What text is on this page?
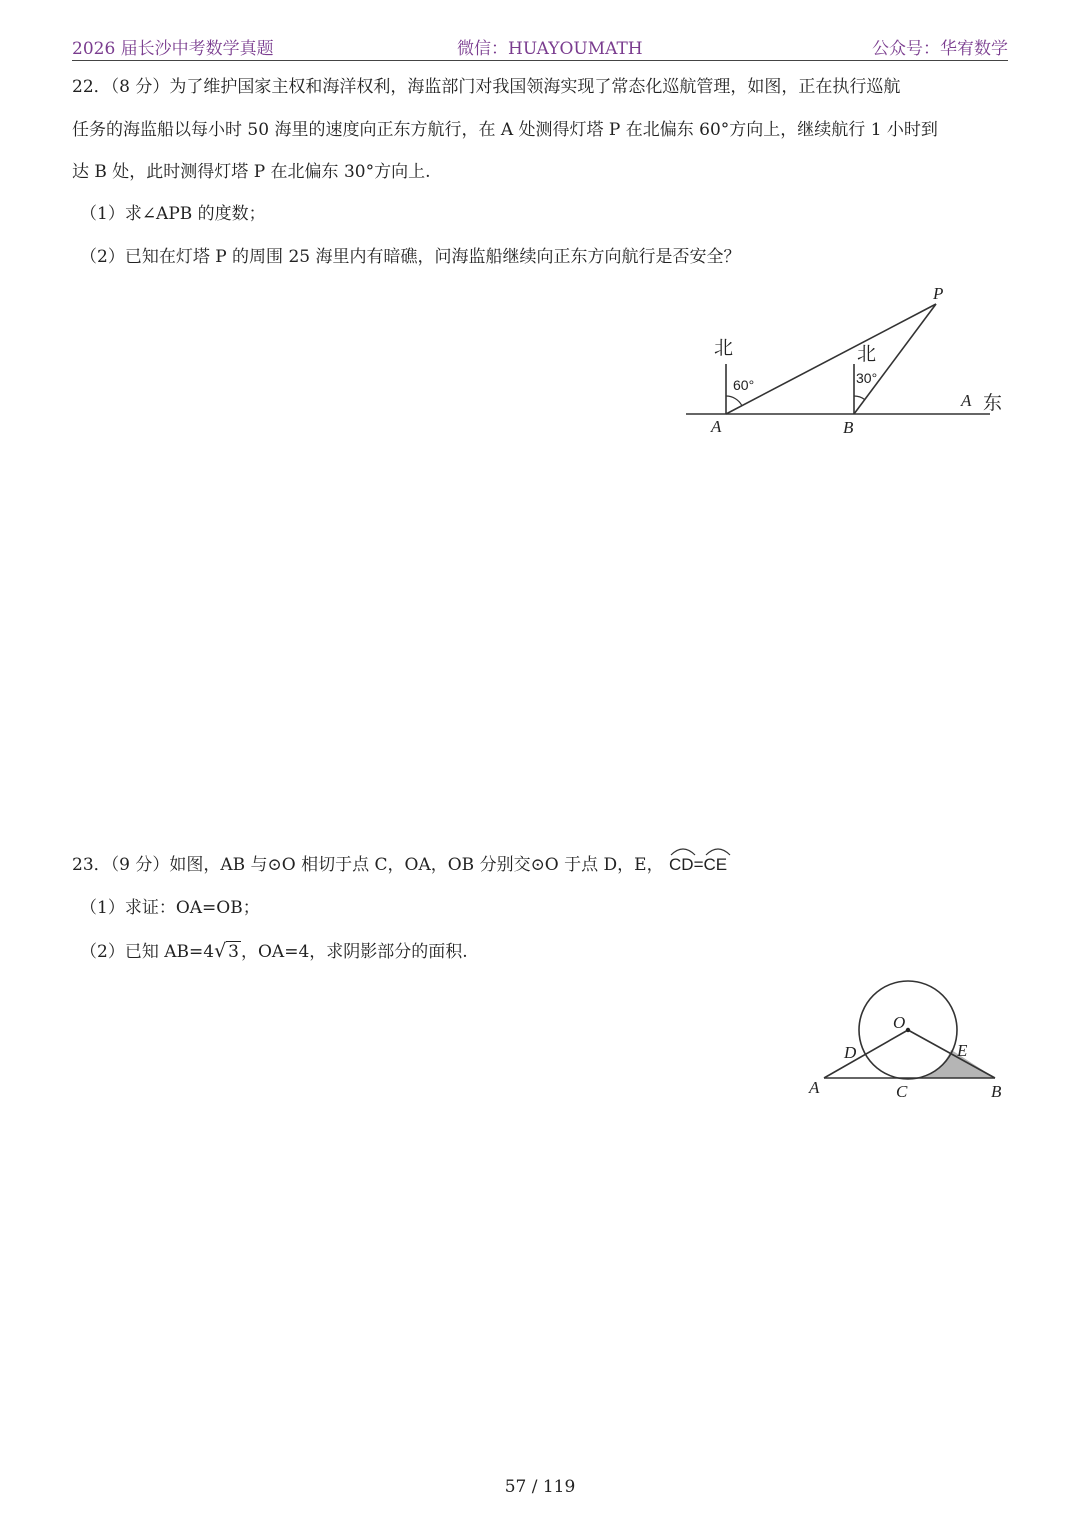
2026 届长沙中考数学真题	微信：HUAYOUMATH	公众号：华宥数学
22．（8 分）为了维护国家主权和海洋权利，海监部门对我国领海实现了常态化巡航管理，如图，正在执行巡航
任务的海监船以每小时 50 海里的速度向正东方航行，在 A 处测得灯塔 P 在北偏东 60°方向上，继续航行 1 小时到
达 B 处，此时测得灯塔 P 在北偏东 30°方向上.
（1）求∠APB 的度数；
（2）已知在灯塔 P 的周围 25 海里内有暗礁，问海监船继续向正东方向航行是否安全？
北	北
60°	30°
P
A	B
A 东
23．（9 分）如图，AB 与⊙O 相切于点 C，OA，OB 分别交⊙O 于点 D，E， CD=
CE
（1）求证：OA=OB；
（2）已知 AB=4√ 3 ，OA=4，求阴影部分的面积.
O
D	E
A	C	B
57 / 119
